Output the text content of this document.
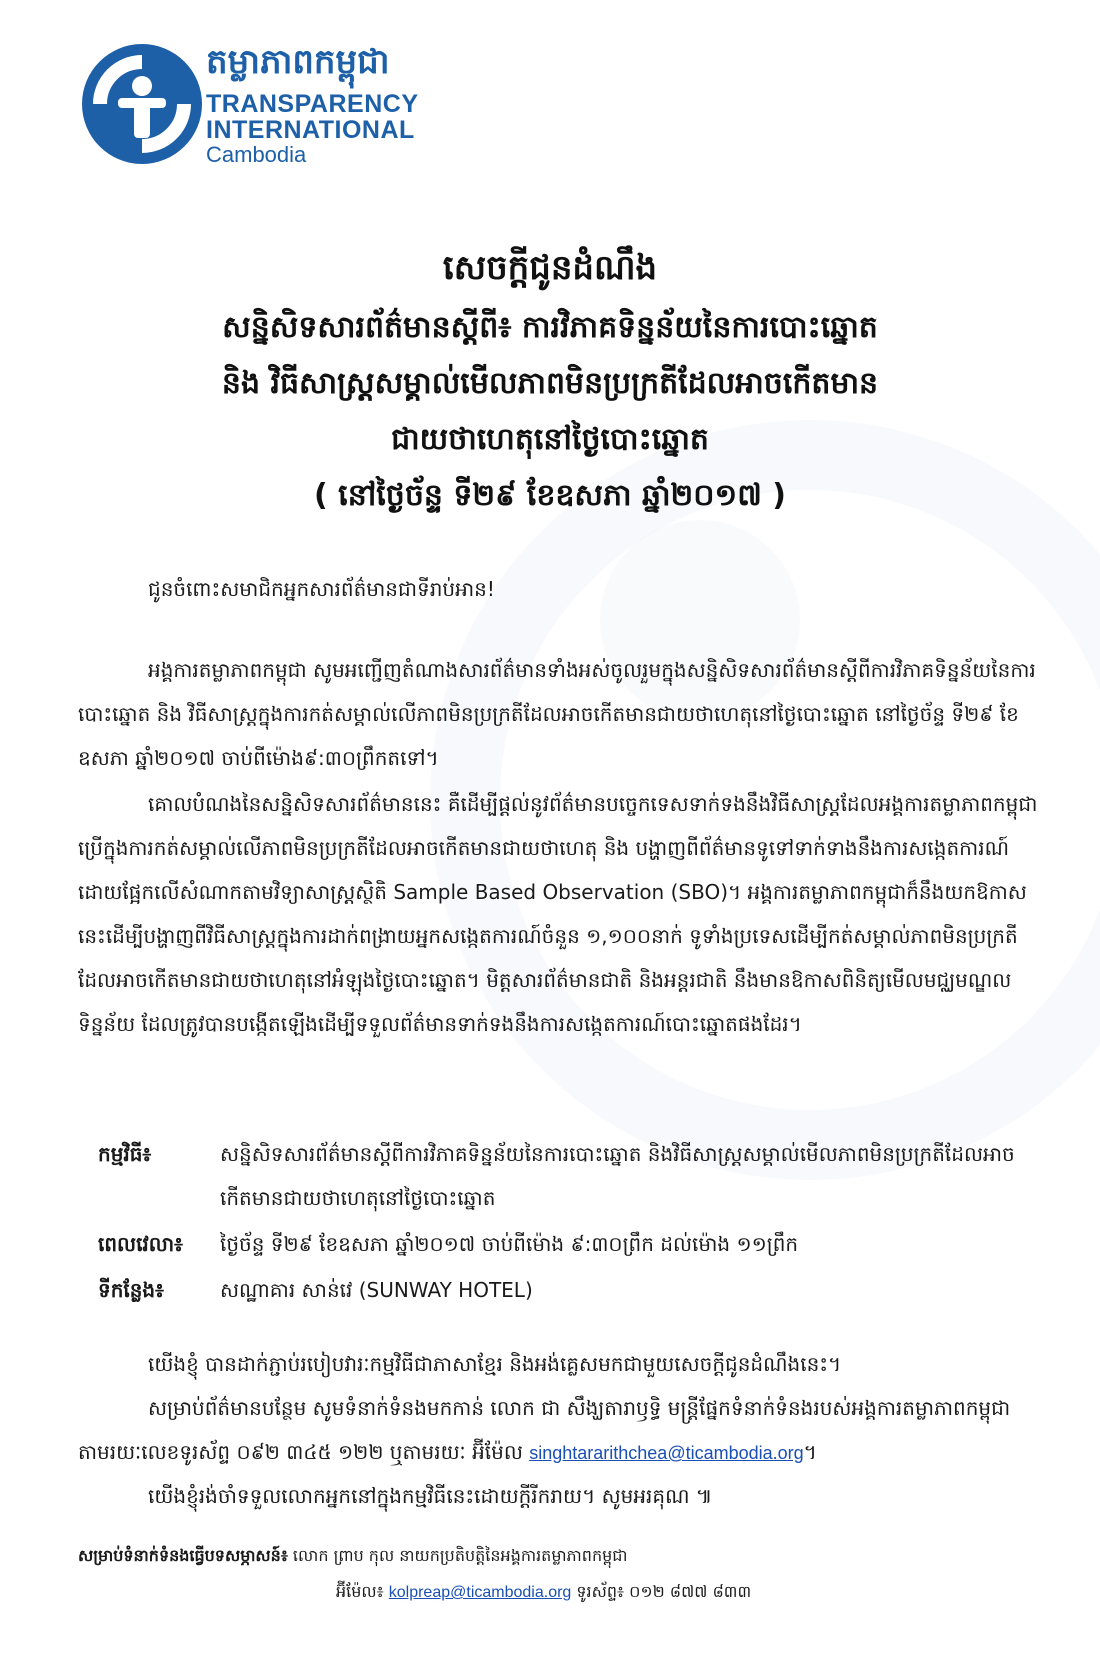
តម្លាភាពកម្ពុជា
TRANSPARENCY
INTERNATIONAL
Cambodia
សេចក្តីជូនដំណឹង
សន្និសិទសារព័ត៌មានស្តីពី៖ ការវិភាគទិន្នន័យនៃការបោះឆ្នោត
និង វិធីសាស្ត្រសម្គាល់មើលភាពមិនប្រក្រតីដែលអាចកើតមាន
ជាយថាហេតុនៅថ្ងៃបោះឆ្នោត
( នៅថ្ងៃច័ន្ទ ទី២៩ ខែឧសភា ឆ្នាំ២០១៧ )
ជូនចំពោះសមាជិកអ្នកសារព័ត៌មានជាទីរាប់អាន!
អង្គការតម្លាភាពកម្ពុជា សូមអញ្ជើញតំណាងសារព័ត៌មានទាំងអស់ចូលរួមក្នុងសន្និសិទសារព័ត៌មានស្តីពីការវិភាគទិន្នន័យនៃការបោះឆ្នោត និង វិធីសាស្ត្រក្នុងការកត់សម្គាល់លើភាពមិនប្រក្រតីដែលអាចកើតមានជាយថាហេតុនៅថ្ងៃបោះឆ្នោត នៅថ្ងៃច័ន្ទ ទី២៩ ខែឧសភា ឆ្នាំ២០១៧ ចាប់ពីម៉ោង៩:៣០ព្រឹកតទៅ។
គោលបំណងនៃសន្និសិទសារព័ត៌មាននេះ គឺដើម្បីផ្តល់នូវព័ត៌មានបច្ចេកទេសទាក់ទងនឹងវិធីសាស្ត្រដែលអង្គការតម្លាភាពកម្ពុជាប្រើក្នុងការកត់សម្គាល់លើភាពមិនប្រក្រតីដែលអាចកើតមានជាយថាហេតុ និង បង្ហាញពីព័ត៌មានទូទៅទាក់ទាងនឹងការសង្កេតការណ៍ ដោយផ្អែកលើសំណាកតាមវិទ្យាសាស្ត្រស្ថិតិ Sample Based Observation (SBO)។ អង្គការតម្លាភាពកម្ពុជាក៏នឹងយកឱកាសនេះដើម្បីបង្ហាញពីវិធីសាស្ត្រក្នុងការដាក់ពង្រាយអ្នកសង្កេតការណ៍ចំនួន ១,១០០នាក់ ទូទាំងប្រទេសដើម្បីកត់សម្គាល់ភាពមិនប្រក្រតីដែលអាចកើតមានជាយថាហេតុនៅអំឡុងថ្ងៃបោះឆ្នោត។ មិត្តសារព័ត៌មានជាតិ និងអន្តរជាតិ នឹងមានឱកាសពិនិត្យមើលមជ្ឈមណ្ឌលទិន្នន័យ ដែលត្រូវបានបង្កើតឡើងដើម្បីទទួលព័ត៌មានទាក់ទងនឹងការសង្កេតការណ៍បោះឆ្នោតផងដែរ។
កម្មវិធី៖	សន្និសិទសារព័ត៌មានស្តីពីការវិភាគទិន្នន័យនៃការបោះឆ្នោត និងវិធីសាស្ត្រសម្គាល់មើលភាពមិនប្រក្រតីដែលអាចកើតមានជាយថាហេតុនៅថ្ងៃបោះឆ្នោត
ពេលវេលា៖ ថ្ងៃច័ន្ទ ទី២៩ ខែឧសភា ឆ្នាំ២០១៧ ចាប់ពីម៉ោង ៩:៣០ព្រឹក ដល់ម៉ោង ១១ព្រឹក
ទីកន្លែង៖	សណ្ឋាគារ សាន់វេ (SUNWAY HOTEL)
យើងខ្ញុំ បានដាក់ភ្ជាប់របៀបវារៈកម្មវិធីជាភាសាខ្មែរ និងអង់គ្លេសមកជាមួយសេចក្តីជូនដំណឹងនេះ។
សម្រាប់ព័ត៌មានបន្ថែម សូមទំនាក់ទំនងមកកាន់ លោក ជា សឹង្ឃតារាឫទ្ធិ មន្រ្តីផ្នែកទំនាក់ទំនងរបស់អង្គការតម្លាភាពកម្ពុជា តាមរយៈលេខទូរស័ព្ទ ០៩២ ៣៤៥ ១២២ ឬតាមរយៈ អ៊ីម៉ែល singhtararithchea@ticambodia.org។
យើងខ្ញុំរង់ចាំទទួលលោកអ្នកនៅក្នុងកម្មវិធីនេះដោយក្តីរីករាយ។ សូមអរគុណ ៕
សម្រាប់ទំនាក់ទំនងធ្វើបទសម្ភាសន៍៖ លោក ព្រាប កុល នាយកប្រតិបត្តិនៃអង្គការតម្លាភាពកម្ពុជា
អ៊ីម៉ែល៖ kolpreap@ticambodia.org ទូរស័ព្ទ៖ ០១២ ៨៧៧ ៨៣៣
